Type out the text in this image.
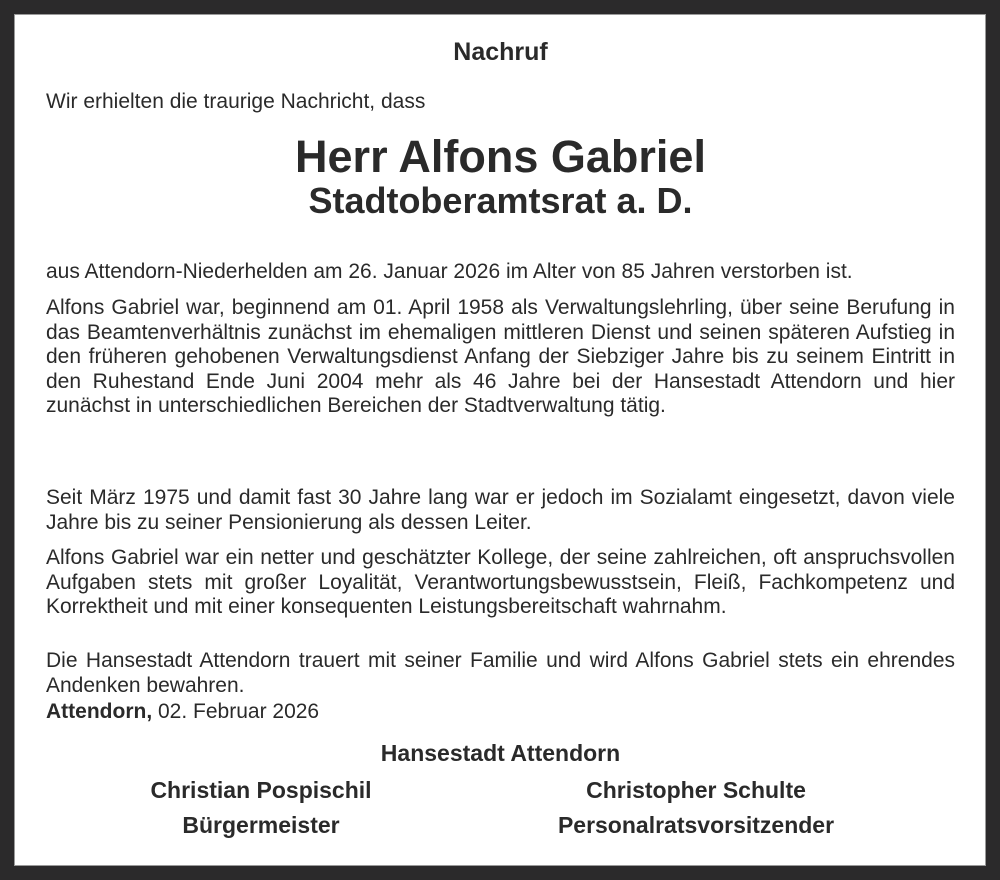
Nachruf
Wir erhielten die traurige Nachricht, dass
Herr Alfons Gabriel
Stadtoberamtsrat a. D.
aus Attendorn-Niederhelden am 26. Januar 2026 im Alter von 85 Jahren verstorben ist.
Alfons Gabriel war, beginnend am 01. April 1958 als Verwaltungslehrling, über seine Berufung in das Beamtenverhältnis zunächst im ehemaligen mittleren Dienst und seinen späteren Aufstieg in den früheren gehobenen Verwaltungsdienst Anfang der Siebziger Jahre bis zu seinem Eintritt in den Ruhestand Ende Juni 2004 mehr als 46 Jahre bei der Hansestadt Attendorn und hier zunächst in unterschiedlichen Bereichen der Stadtverwaltung tätig.
Seit März 1975 und damit fast 30 Jahre lang war er jedoch im Sozialamt eingesetzt, davon viele Jahre bis zu seiner Pensionierung als dessen Leiter.
Alfons Gabriel war ein netter und geschätzter Kollege, der seine zahlreichen, oft anspruchsvollen Aufgaben stets mit großer Loyalität, Verantwortungsbewusstsein, Fleiß, Fachkompetenz und Korrektheit und mit einer konsequenten Leistungsbereitschaft wahrnahm.
Die Hansestadt Attendorn trauert mit seiner Familie und wird Alfons Gabriel stets ein ehrendes Andenken bewahren.
Attendorn, 02. Februar 2026
Hansestadt Attendorn
Christian Pospischil
Bürgermeister
Christopher Schulte
Personalratsvorsitzender
